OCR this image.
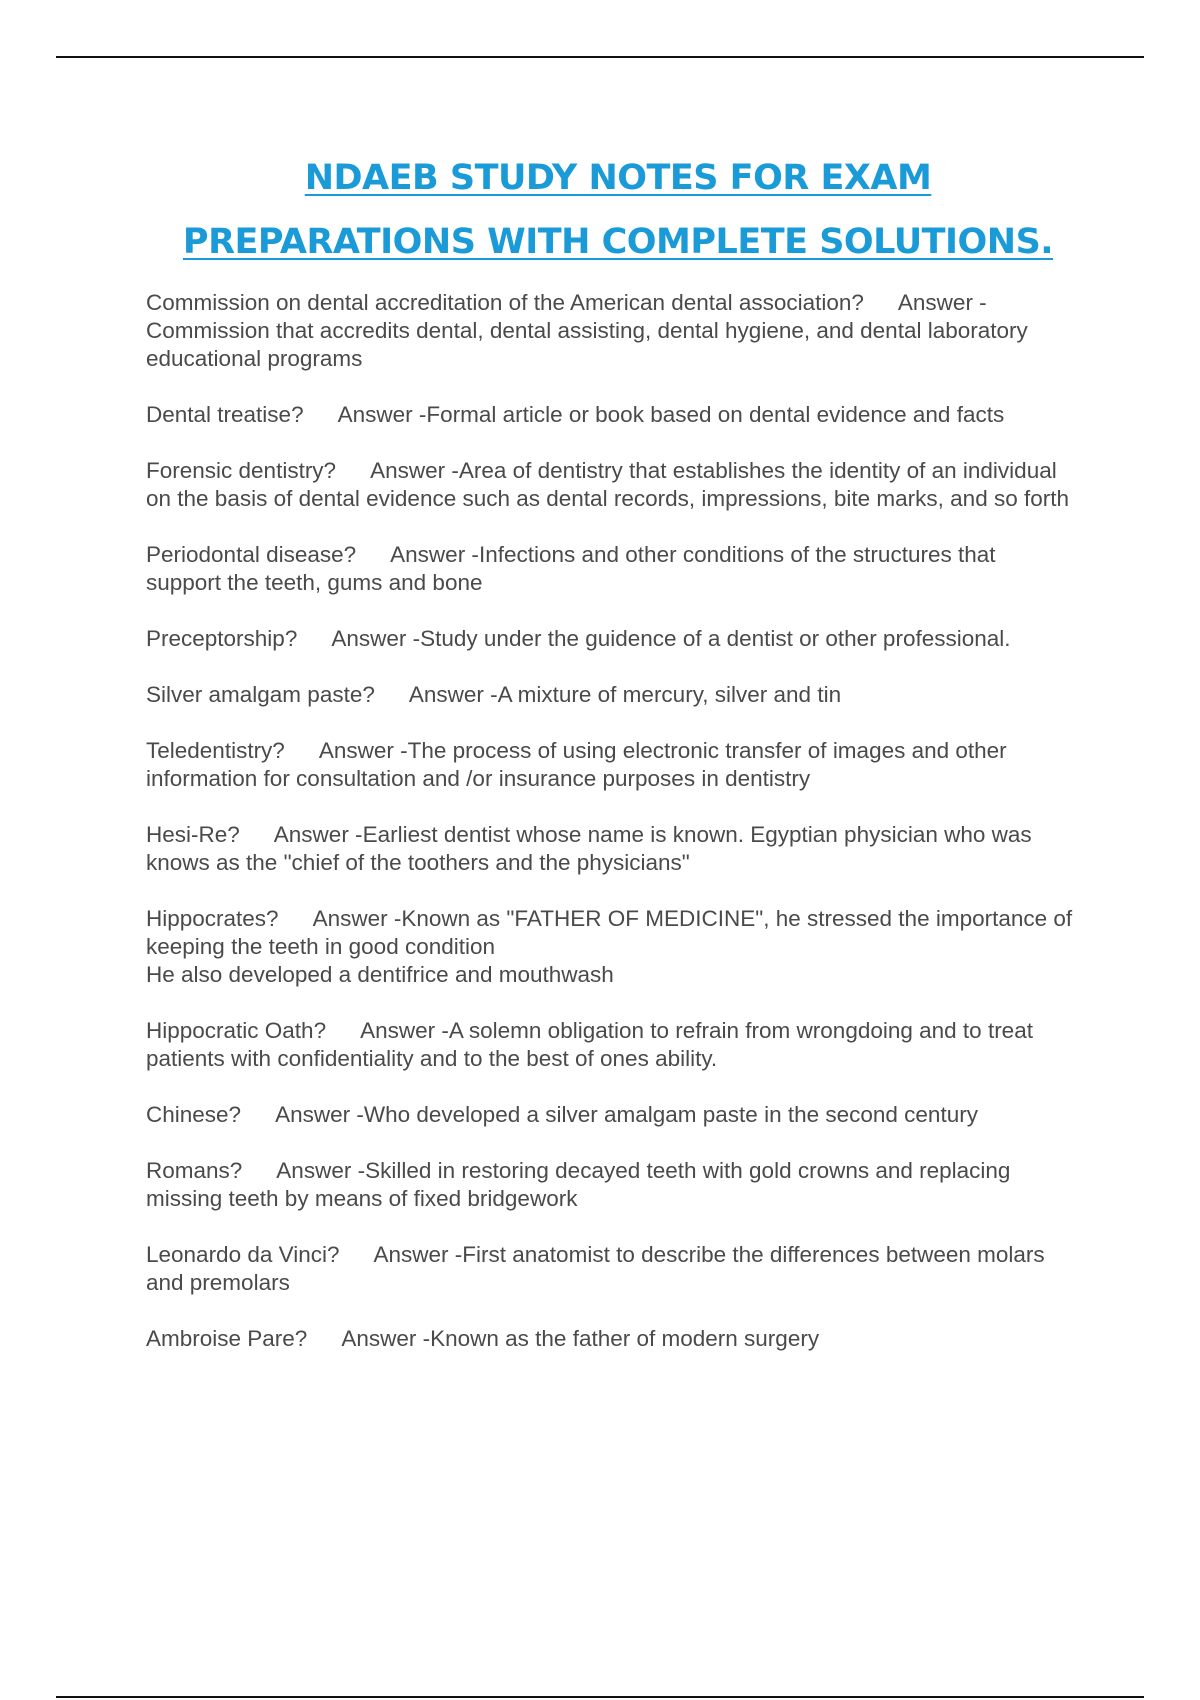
NDAEB STUDY NOTES FOR EXAM
PREPARATIONS WITH COMPLETE SOLUTIONS.

Commission on dental accreditation of the American dental association? Answer -Commission that accredits dental, dental assisting, dental hygiene, and dental laboratory educational programs

Dental treatise? Answer -Formal article or book based on dental evidence and facts

Forensic dentistry? Answer -Area of dentistry that establishes the identity of an individual on the basis of dental evidence such as dental records, impressions, bite marks, and so forth

Periodontal disease? Answer -Infections and other conditions of the structures that support the teeth, gums and bone

Preceptorship? Answer -Study under the guidence of a dentist or other professional.

Silver amalgam paste? Answer -A mixture of mercury, silver and tin

Teledentistry? Answer -The process of using electronic transfer of images and other information for consultation and /or insurance purposes in dentistry

Hesi-Re? Answer -Earliest dentist whose name is known. Egyptian physician who was knows as the "chief of the toothers and the physicians"

Hippocrates? Answer -Known as "FATHER OF MEDICINE", he stressed the importance of keeping the teeth in good condition
He also developed a dentifrice and mouthwash

Hippocratic Oath? Answer -A solemn obligation to refrain from wrongdoing and to treat patients with confidentiality and to the best of ones ability.

Chinese? Answer -Who developed a silver amalgam paste in the second century

Romans? Answer -Skilled in restoring decayed teeth with gold crowns and replacing missing teeth by means of fixed bridgework

Leonardo da Vinci? Answer -First anatomist to describe the differences between molars and premolars

Ambroise Pare? Answer -Known as the father of modern surgery
